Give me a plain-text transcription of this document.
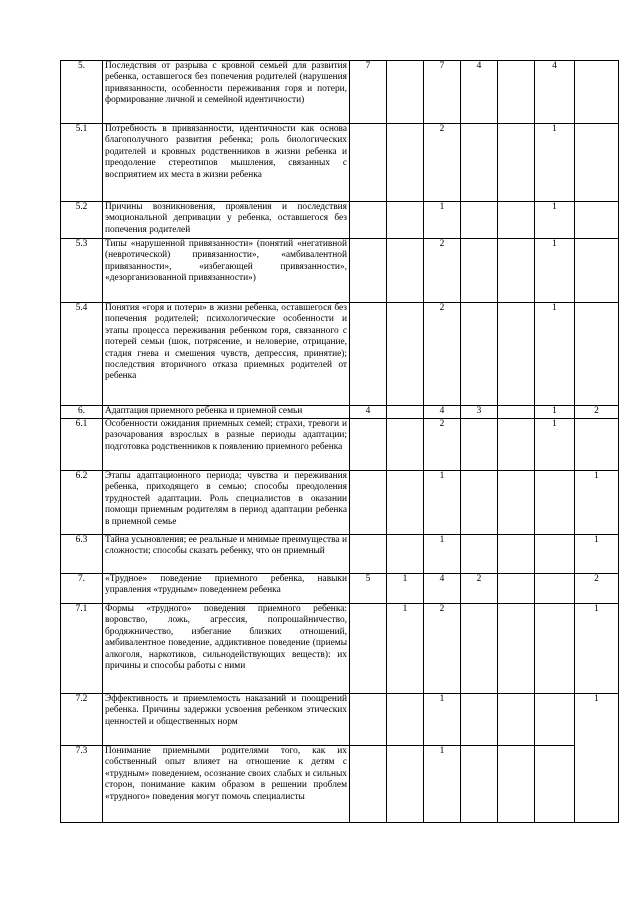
5.	Последствия от разрыва с кровной семьей для развития ребенка, оставшегося без попечения родителей (нарушения привязанности, особенности переживания горя и потери, формирование личной и семейной идентичности)	7		7	4		4	
5.1	Потребность в привязанности, идентичности как основа благополучного развития ребенка; роль биологических родителей и кровных родственников в жизни ребенка и преодоление стереотипов мышления, связанных с восприятием их места в жизни ребенка			2			1	
5.2	Причины возникновения, проявления и последствия эмоциональной депривации у ребенка, оставшегося без попечения родителей			1			1	
5.3	Типы «нарушенной привязанности» (понятий «негативной (невротической) привязанности», «амбивалентной привязанности», «избегающей привязанности», «дезорганизованной привязанности»)			2			1	
5.4	Понятия «горя и потери» в жизни ребенка, оставшегося без попечения родителей; психологические особенности и этапы процесса переживания ребенком горя, связанного с потерей семьи (шок, потрясение, и неловерие, отрицание, стадия гнева и смешения чувств, депрессия, принятие); последствия вторичного отказа приемных родителей от ребенка			2			1	
6.	Адаптация приемного ребенка и приемной семьи	4		4	3		1	2
6.1	Особенности ожидания приемных семей; страхи, тревоги и разочарования взрослых в разные периоды адаптации; подготовка родственников к появлению приемного ребенка			2			1	
6.2	Этапы адаптационного периода; чувства и переживания ребенка, приходящего в семью; способы преодоления трудностей адаптации. Роль специалистов в оказании помощи приемным родителям в период адаптации ребенка в приемной семье			1				1
6.3	Тайна усыновления; ее реальные и мнимые преимущества и сложности; способы сказать ребенку, что он приемный			1				1
7.	«Трудное» поведение приемного ребенка, навыки управления «трудным» поведением ребенка	5	1	4	2			2
7.1	Формы «трудного» поведения приемного ребенка: воровство, ложь, агрессия, попрошайничество, бродяжничество, избегание близких отношений, амбивалентное поведение, аддиктивное поведение (приемы алкоголя, наркотиков, сильнодействующих веществ): их причины и способы работы с ними		1	2				1
7.2	Эффективность и приемлемость наказаний и поощрений ребенка. Причины задержки усвоения ребенком этических ценностей и общественных норм			1				1
7.3	Понимание приемными родителями того, как их собственный опыт влияет на отношение к детям с «трудным» поведением, осознание своих слабых и сильных сторон, понимание каким образом в решении проблем «трудного» поведения могут помочь специалисты			1				
